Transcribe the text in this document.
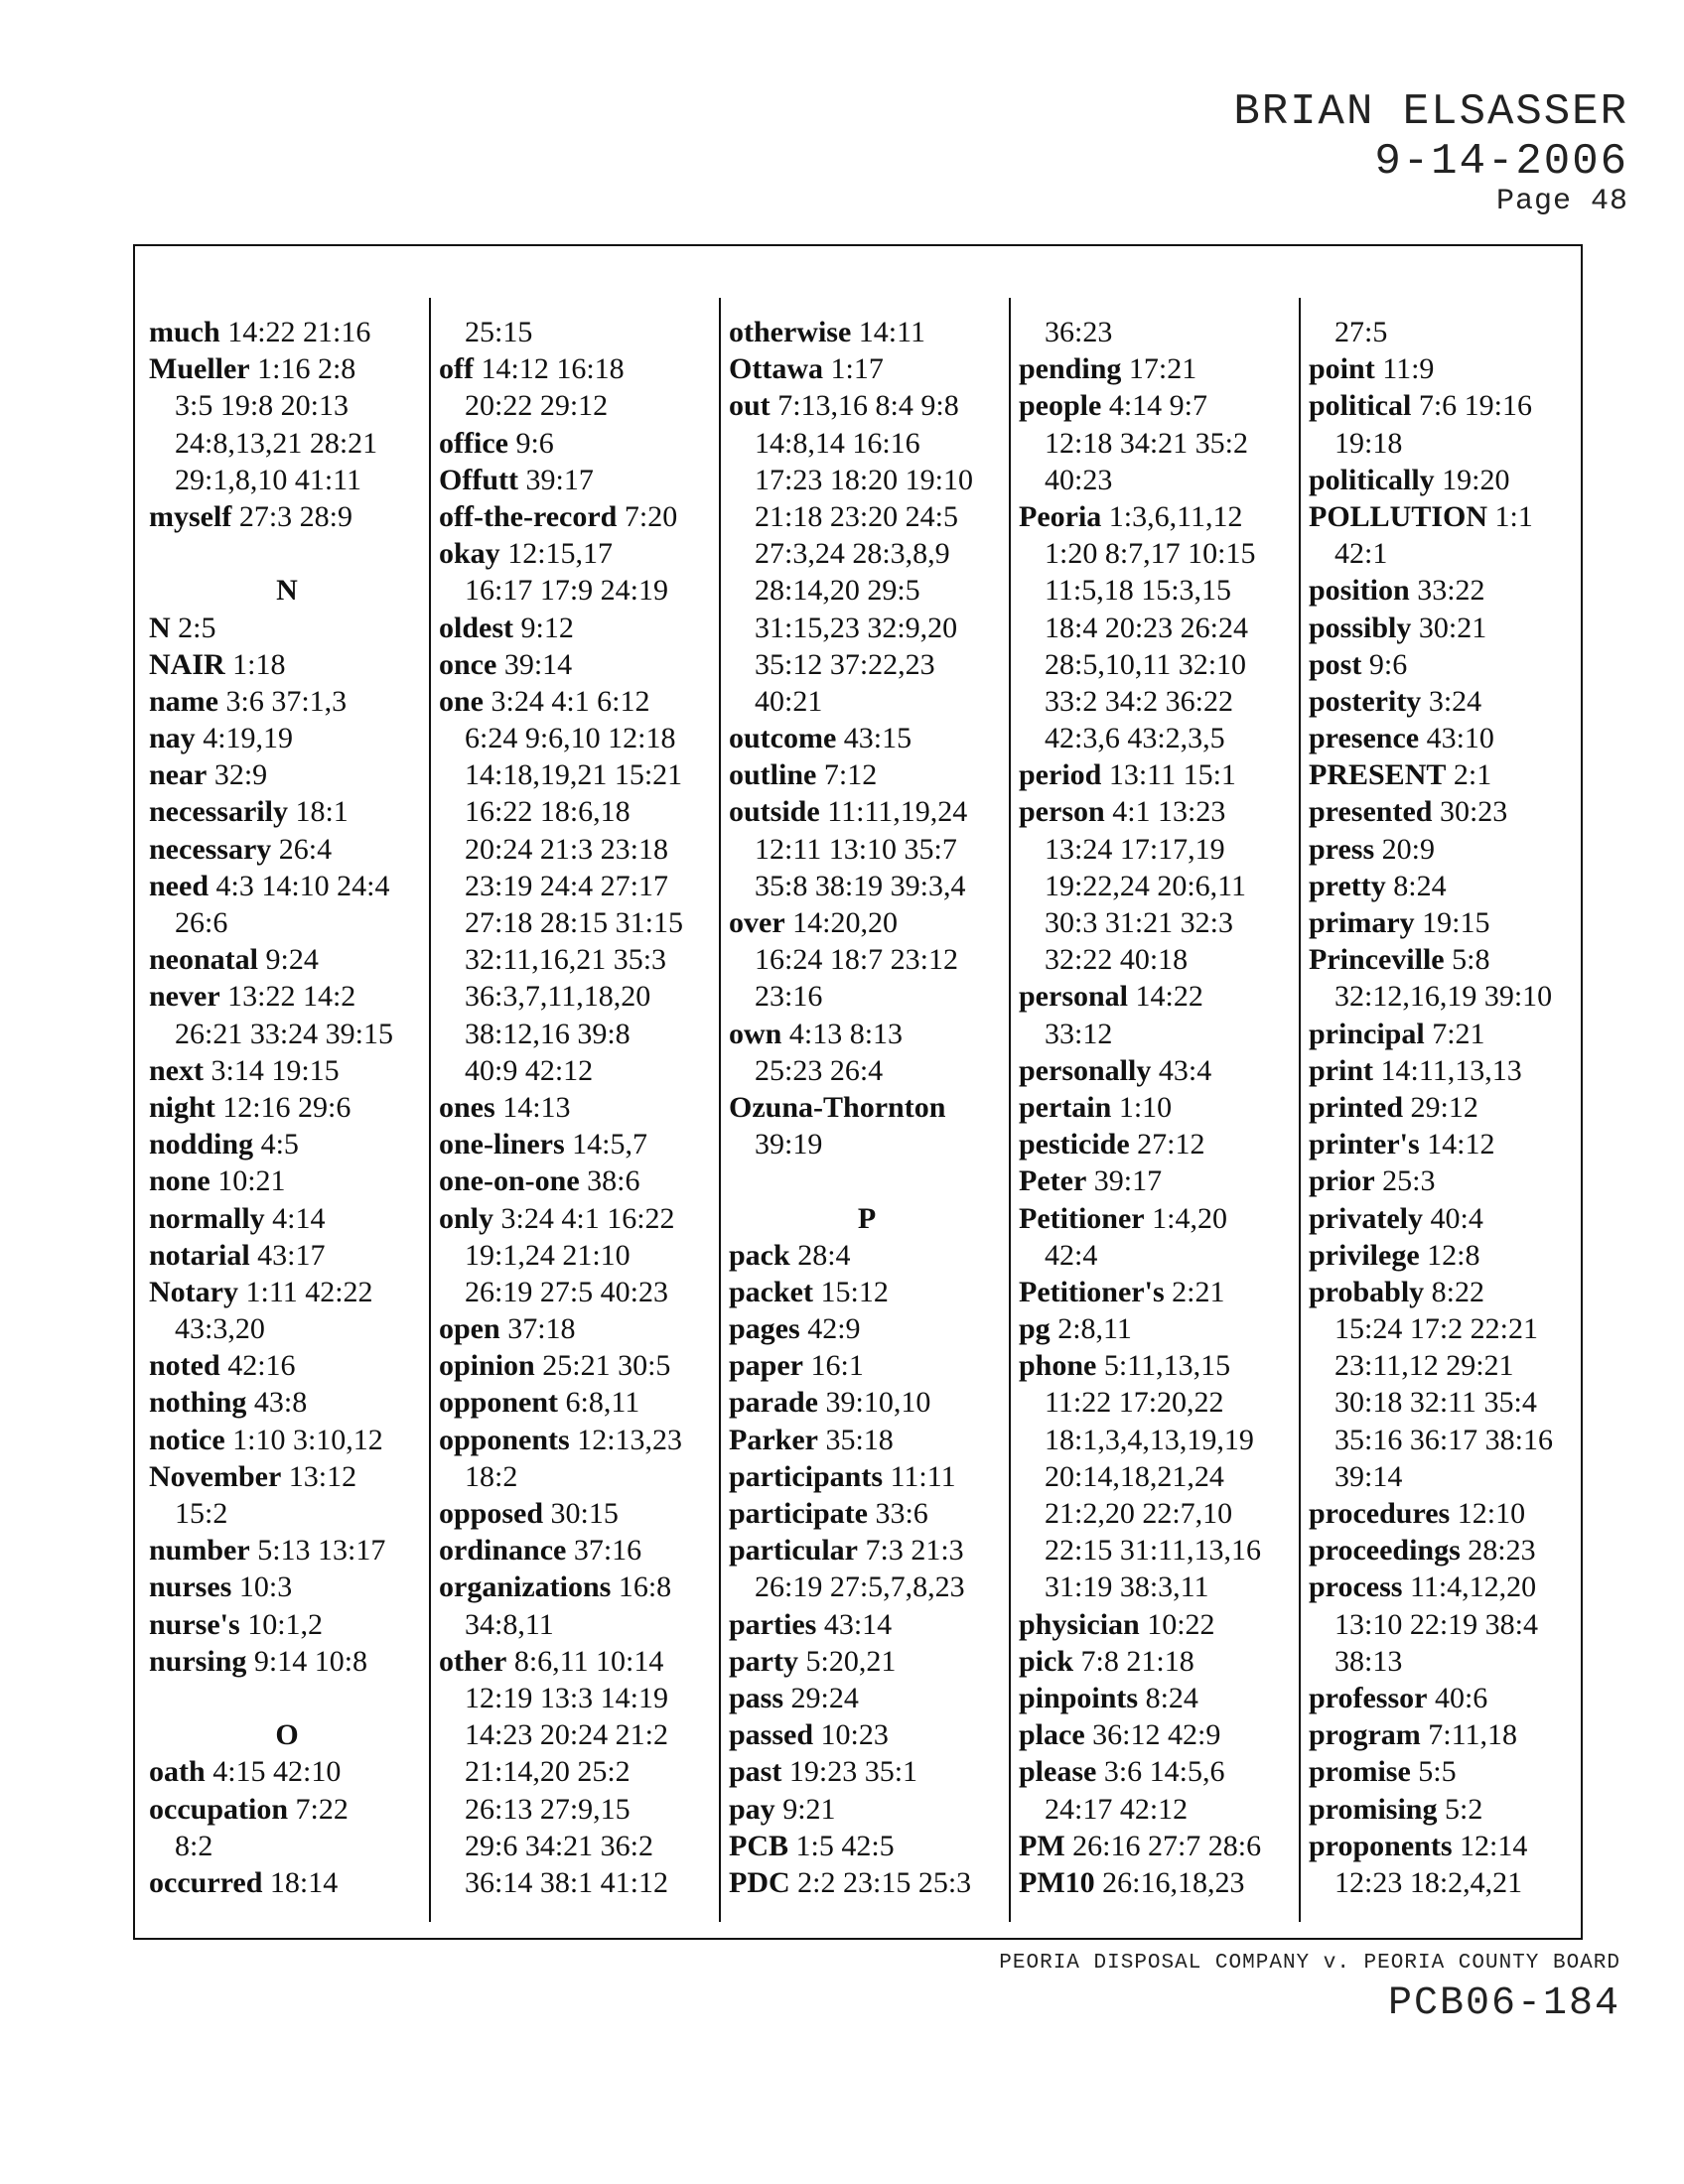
BRIAN ELSASSER
9-14-2006
Page 48
much 14:22 21:16
Mueller 1:16 2:8
3:5 19:8 20:13
24:8,13,21 28:21
29:1,8,10 41:11
myself 27:3 28:9
N
N 2:5
NAIR 1:18
name 3:6 37:1,3
nay 4:19,19
near 32:9
necessarily 18:1
necessary 26:4
need 4:3 14:10 24:4
26:6
neonatal 9:24
never 13:22 14:2
26:21 33:24 39:15
next 3:14 19:15
night 12:16 29:6
nodding 4:5
none 10:21
normally 4:14
notarial 43:17
Notary 1:11 42:22
43:3,20
noted 42:16
nothing 43:8
notice 1:10 3:10,12
November 13:12
15:2
number 5:13 13:17
nurses 10:3
nurse's 10:1,2
nursing 9:14 10:8
O
oath 4:15 42:10
occupation 7:22
8:2
occurred 18:14
25:15
off 14:12 16:18
20:22 29:12
office 9:6
Offutt 39:17
off-the-record 7:20
okay 12:15,17
16:17 17:9 24:19
oldest 9:12
once 39:14
one 3:24 4:1 6:12
6:24 9:6,10 12:18
14:18,19,21 15:21
16:22 18:6,18
20:24 21:3 23:18
23:19 24:4 27:17
27:18 28:15 31:15
32:11,16,21 35:3
36:3,7,11,18,20
38:12,16 39:8
40:9 42:12
ones 14:13
one-liners 14:5,7
one-on-one 38:6
only 3:24 4:1 16:22
19:1,24 21:10
26:19 27:5 40:23
open 37:18
opinion 25:21 30:5
opponent 6:8,11
opponents 12:13,23
18:2
opposed 30:15
ordinance 37:16
organizations 16:8
34:8,11
other 8:6,11 10:14
12:19 13:3 14:19
14:23 20:24 21:2
21:14,20 25:2
26:13 27:9,15
29:6 34:21 36:2
36:14 38:1 41:12
otherwise 14:11
Ottawa 1:17
out 7:13,16 8:4 9:8
14:8,14 16:16
17:23 18:20 19:10
21:18 23:20 24:5
27:3,24 28:3,8,9
28:14,20 29:5
31:15,23 32:9,20
35:12 37:22,23
40:21
outcome 43:15
outline 7:12
outside 11:11,19,24
12:11 13:10 35:7
35:8 38:19 39:3,4
over 14:20,20
16:24 18:7 23:12
23:16
own 4:13 8:13
25:23 26:4
Ozuna-Thornton
39:19
P
pack 28:4
packet 15:12
pages 42:9
paper 16:1
parade 39:10,10
Parker 35:18
participants 11:11
participate 33:6
particular 7:3 21:3
26:19 27:5,7,8,23
parties 43:14
party 5:20,21
pass 29:24
passed 10:23
past 19:23 35:1
pay 9:21
PCB 1:5 42:5
PDC 2:2 23:15 25:3
36:23
pending 17:21
people 4:14 9:7
12:18 34:21 35:2
40:23
Peoria 1:3,6,11,12
1:20 8:7,17 10:15
11:5,18 15:3,15
18:4 20:23 26:24
28:5,10,11 32:10
33:2 34:2 36:22
42:3,6 43:2,3,5
period 13:11 15:1
person 4:1 13:23
13:24 17:17,19
19:22,24 20:6,11
30:3 31:21 32:3
32:22 40:18
personal 14:22
33:12
personally 43:4
pertain 1:10
pesticide 27:12
Peter 39:17
Petitioner 1:4,20
42:4
Petitioner's 2:21
pg 2:8,11
phone 5:11,13,15
11:22 17:20,22
18:1,3,4,13,19,19
20:14,18,21,24
21:2,20 22:7,10
22:15 31:11,13,16
31:19 38:3,11
physician 10:22
pick 7:8 21:18
pinpoints 8:24
place 36:12 42:9
please 3:6 14:5,6
24:17 42:12
PM 26:16 27:7 28:6
PM10 26:16,18,23
27:5
point 11:9
political 7:6 19:16
19:18
politically 19:20
POLLUTION 1:1
42:1
position 33:22
possibly 30:21
post 9:6
posterity 3:24
presence 43:10
PRESENT 2:1
presented 30:23
press 20:9
pretty 8:24
primary 19:15
Princeville 5:8
32:12,16,19 39:10
principal 7:21
print 14:11,13,13
printed 29:12
printer's 14:12
prior 25:3
privately 40:4
privilege 12:8
probably 8:22
15:24 17:2 22:21
23:11,12 29:21
30:18 32:11 35:4
35:16 36:17 38:16
39:14
procedures 12:10
proceedings 28:23
process 11:4,12,20
13:10 22:19 38:4
38:13
professor 40:6
program 7:11,18
promise 5:5
promising 5:2
proponents 12:14
12:23 18:2,4,21
PEORIA DISPOSAL COMPANY v. PEORIA COUNTY BOARD
PCB06-184
